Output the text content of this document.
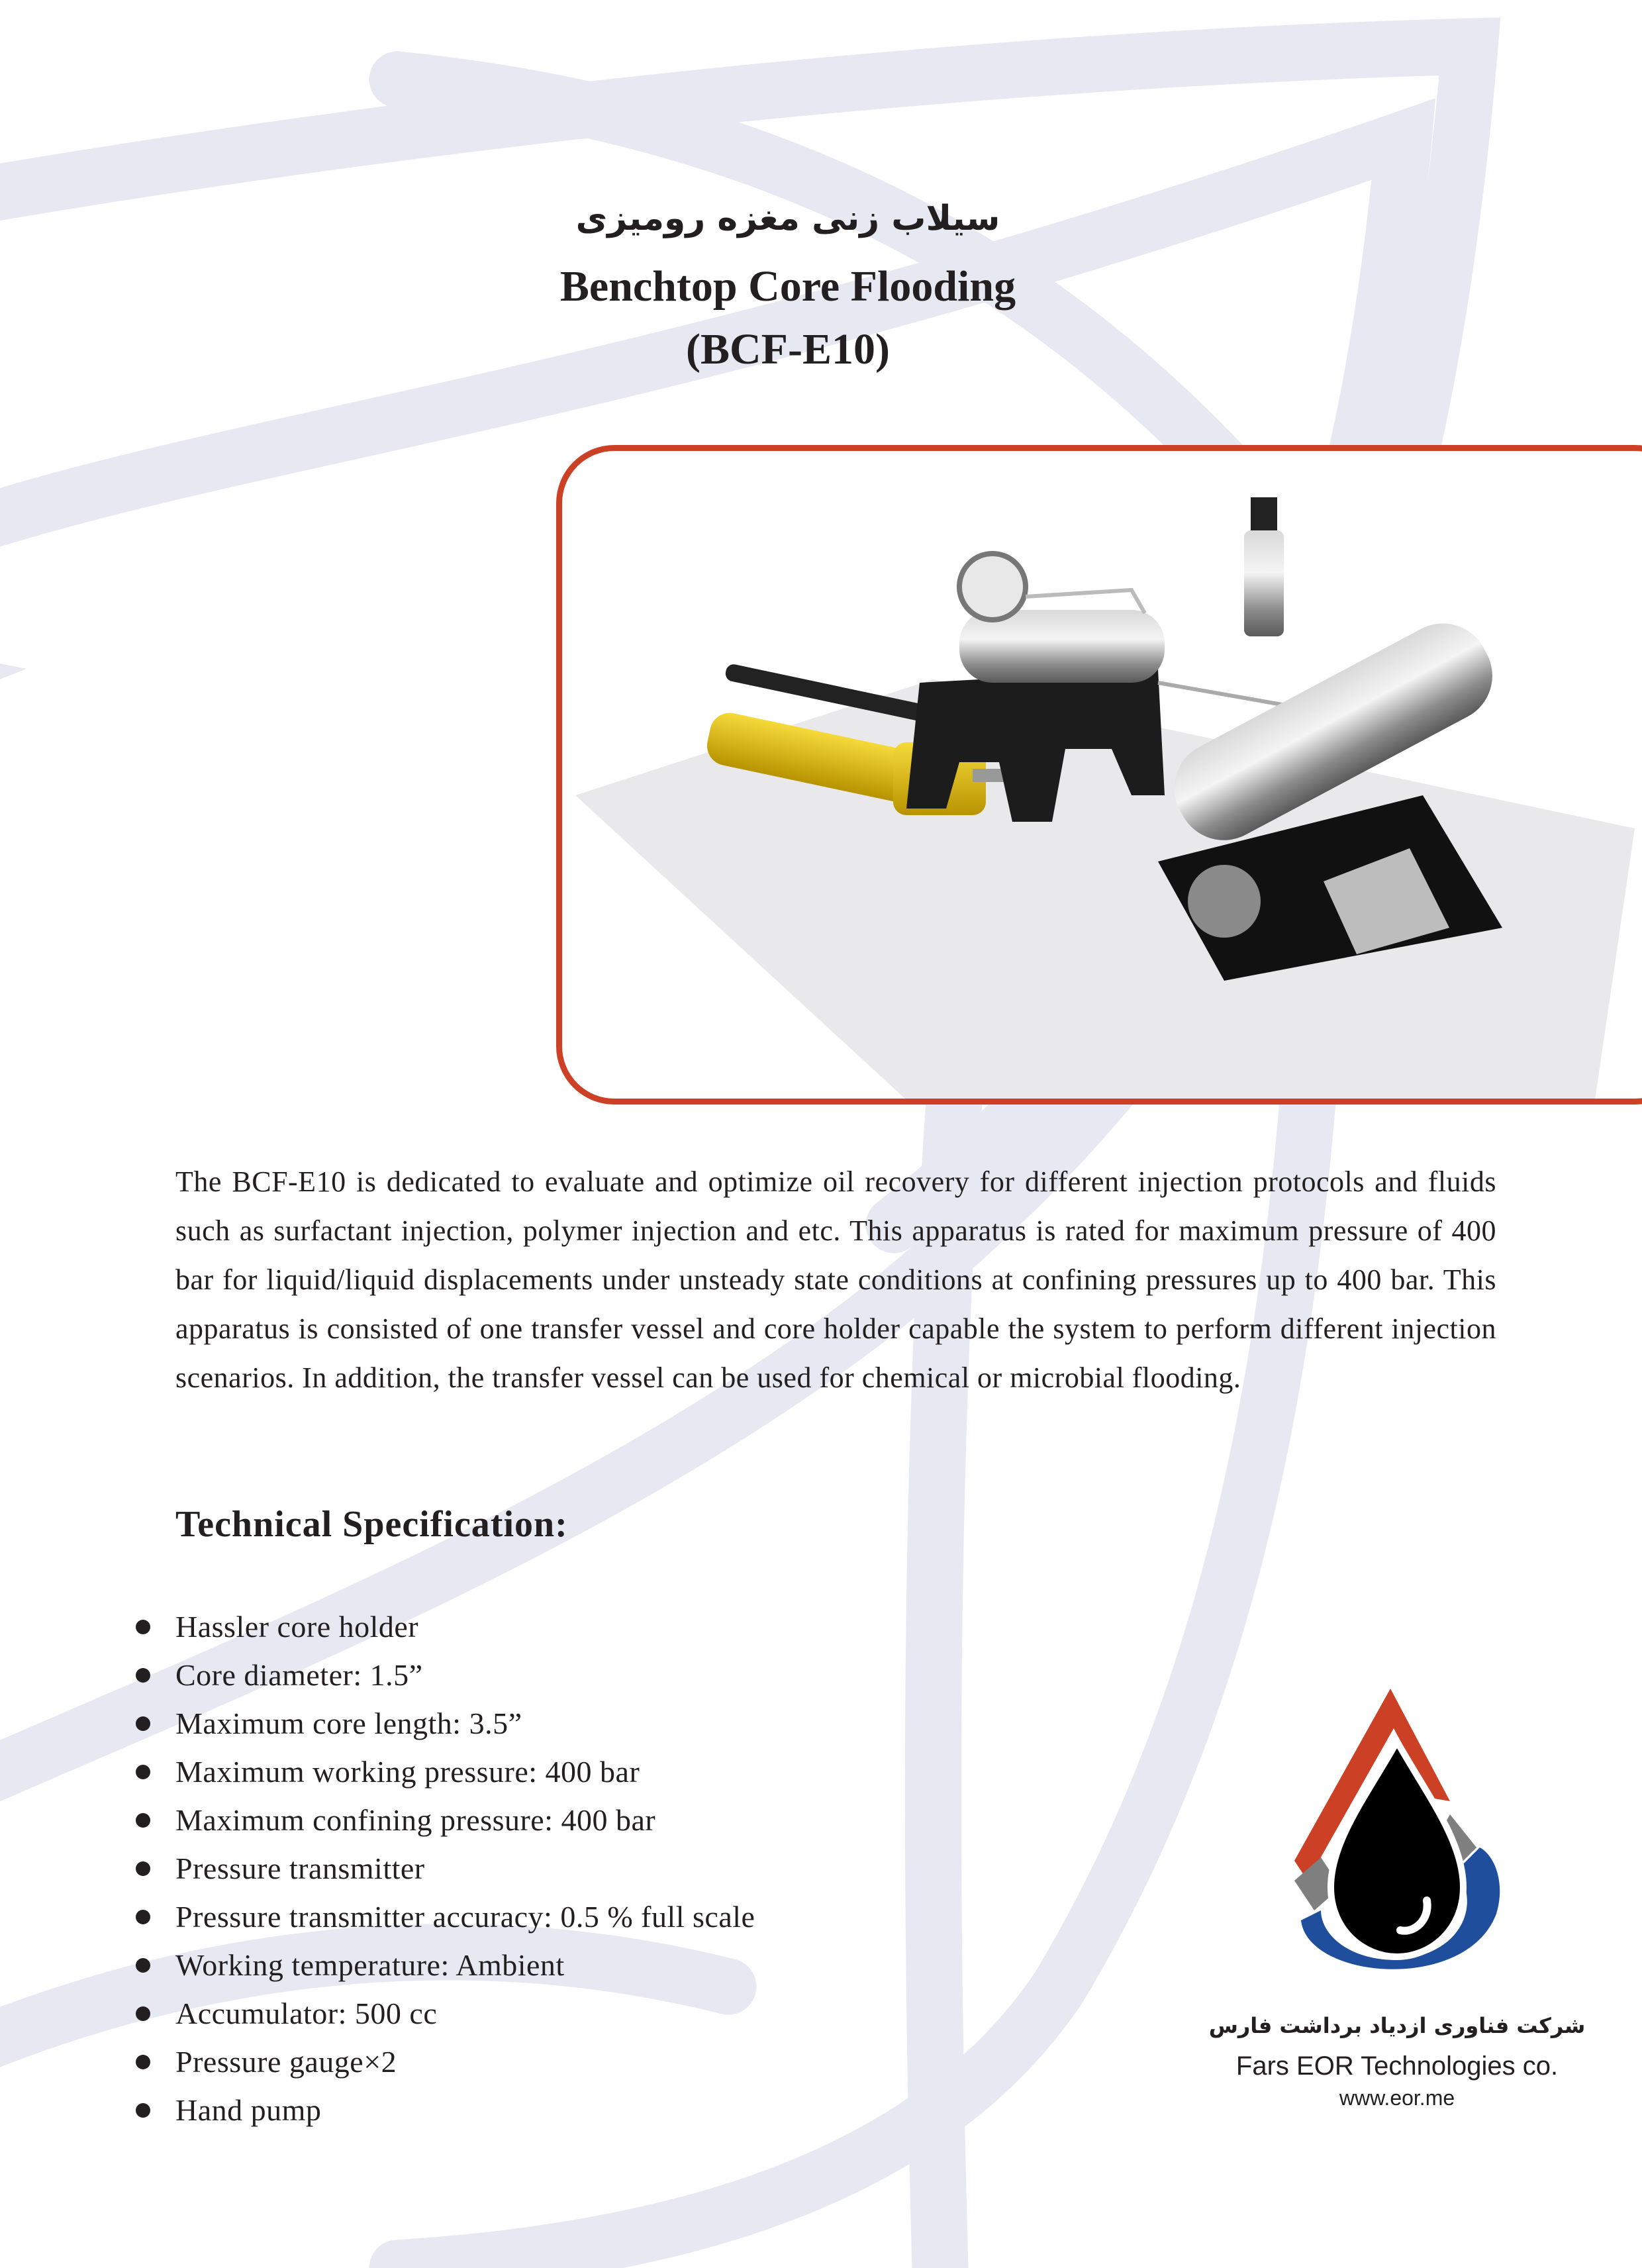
سیلاب زنی مغزه رومیزی
Benchtop Core Flooding
(BCF-E10)
The BCF-E10 is dedicated to evaluate and optimize oil recovery for different injection protocols and fluids such as surfactant injection, polymer injection and etc. This apparatus is rated for maximum pressure of 400 bar for liquid/liquid displacements under unsteady state conditions at confining pressures up to 400 bar. This apparatus is consisted of one transfer vessel and core holder capable the system to perform different injection scenarios. In addition, the transfer vessel can be used for chemical or microbial flooding.
Technical Specification:
Hassler core holder
Core diameter: 1.5”
Maximum core length: 3.5”
Maximum working pressure: 400 bar
Maximum confining pressure: 400 bar
Pressure transmitter
Pressure transmitter accuracy: 0.5 % full scale
Working temperature: Ambient
Accumulator: 500 cc
Pressure gauge×2
Hand pump
شرکت فناوری ازدیاد برداشت فارس
Fars EOR Technologies co.
www.eor.me
